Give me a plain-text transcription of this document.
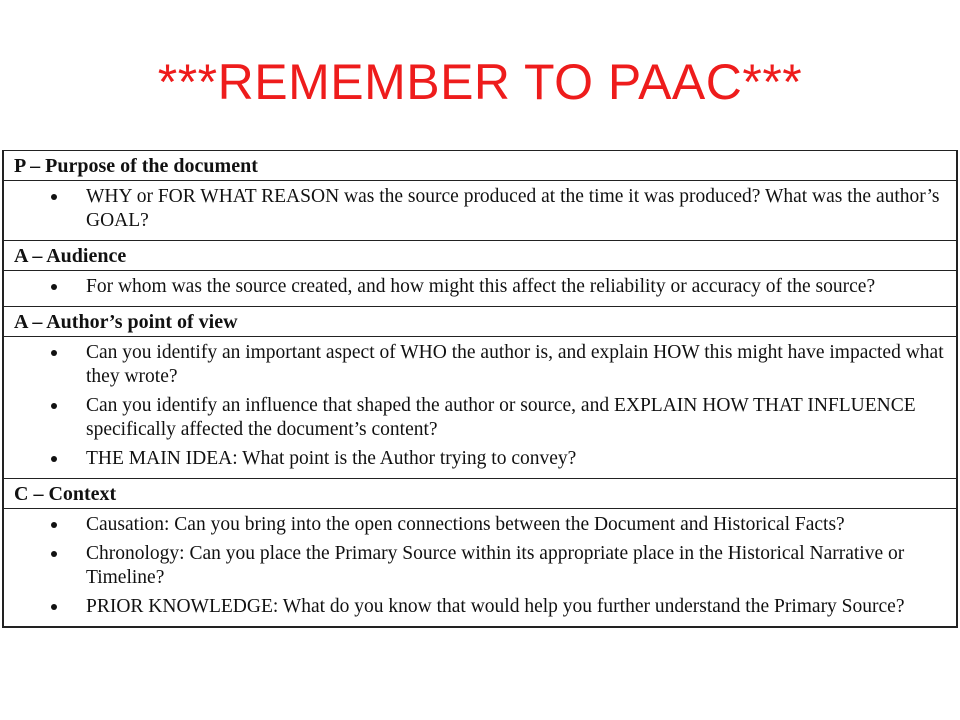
***REMEMBER TO PAAC***
P – Purpose of the document
WHY or FOR WHAT REASON was the source produced at the time it was produced? What was the author’s GOAL?
A – Audience
For whom was the source created, and how might this affect the reliability or accuracy of the source?
A – Author’s point of view
Can you identify an important aspect of WHO the author is, and explain HOW this might have impacted what they wrote?
Can you identify an influence that shaped the author or source, and EXPLAIN HOW THAT INFLUENCE specifically affected the document’s content?
THE MAIN IDEA: What point is the Author trying to convey?
C – Context
Causation: Can you bring into the open connections between the Document and Historical Facts?
Chronology: Can you place the Primary Source within its appropriate place in the Historical Narrative or Timeline?
PRIOR KNOWLEDGE: What do you know that would help you further understand the Primary Source?
